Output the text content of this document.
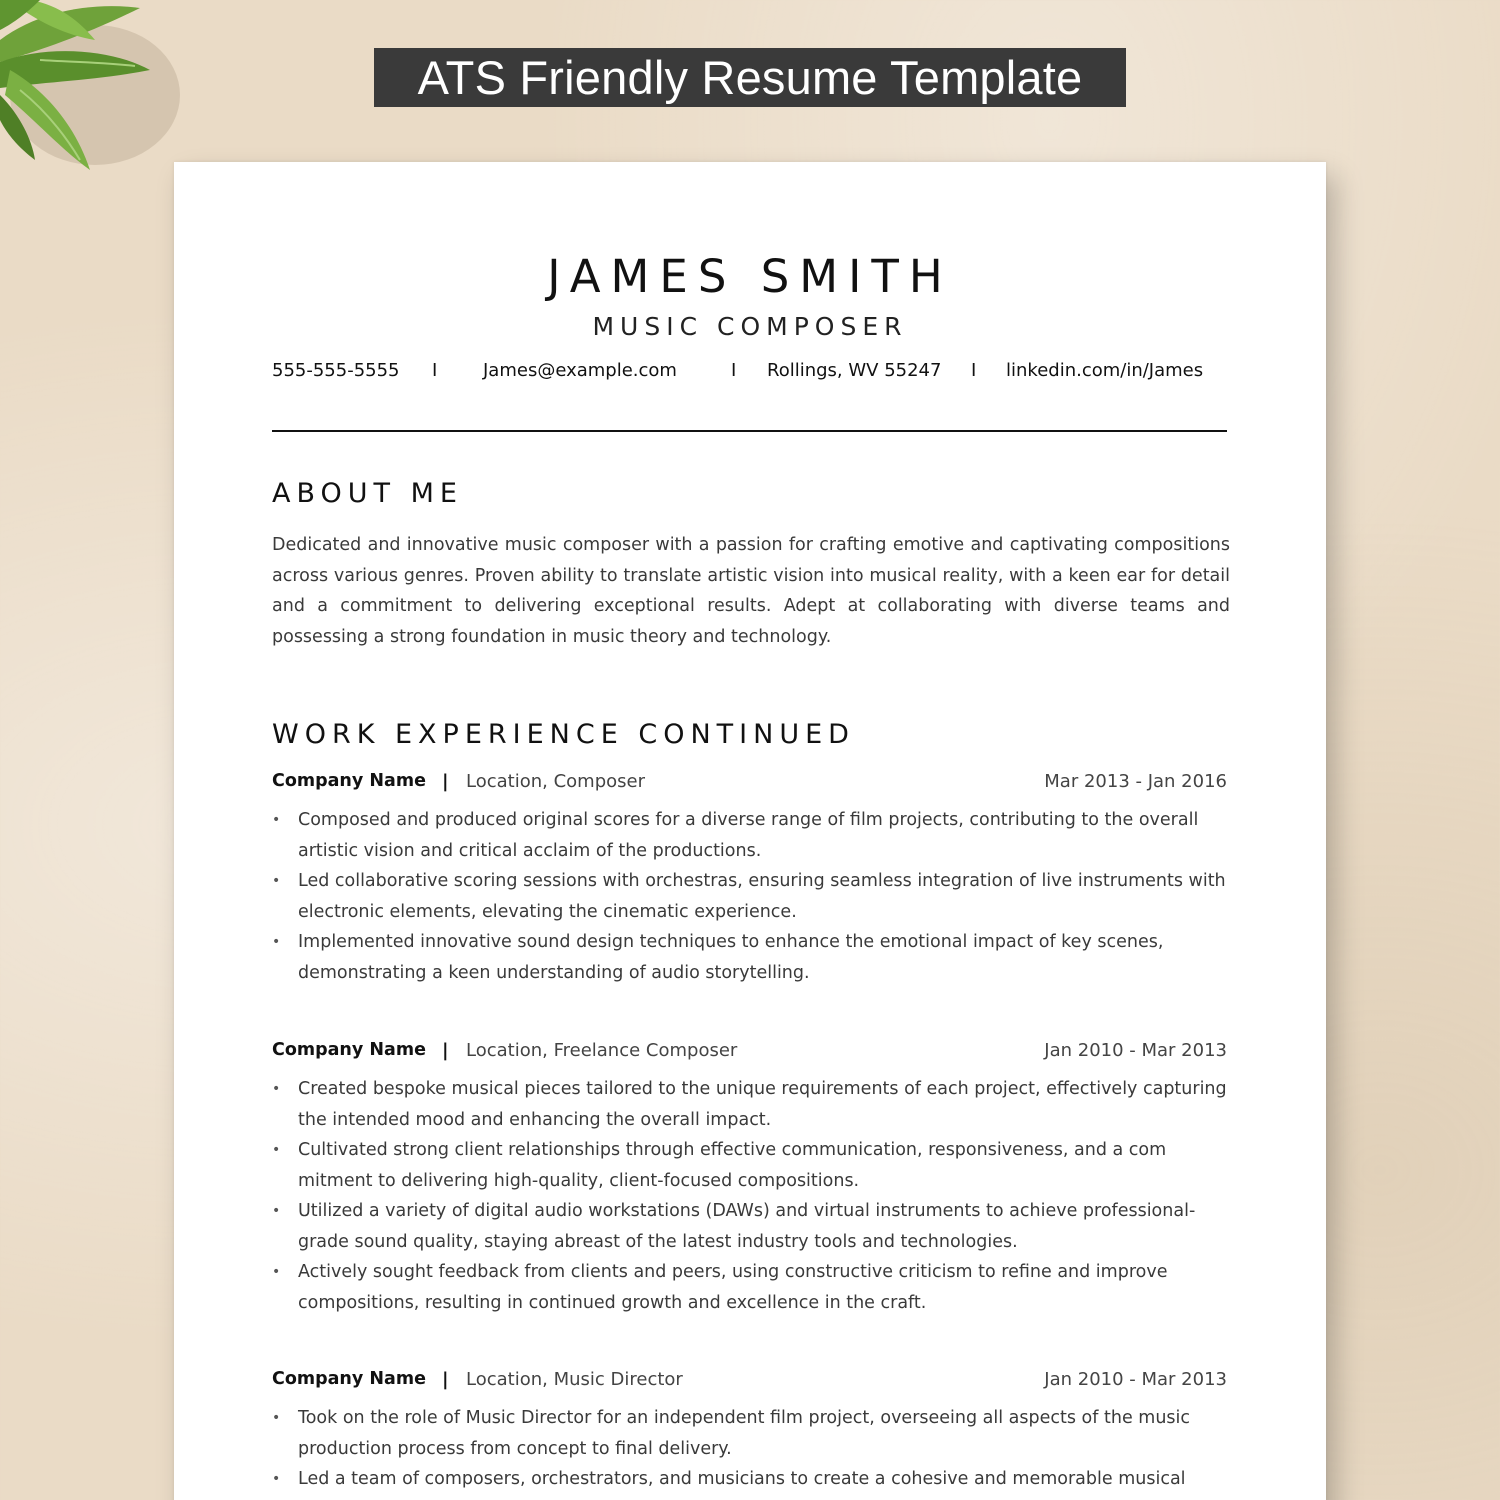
ATS Friendly Resume Template
JAMES SMITH
MUSIC COMPOSER
555-555-5555 I	James@example.com	I Rollings, WV 55247 I linkedin.com/in/James
ABOUT ME

Dedicated and innovative music composer with a passion for crafting emotive and captivating compositions across various genres. Proven ability to translate artistic vision into musical reality, with a keen ear for detail and a commitment to delivering exceptional results. Adept at collaborating with diverse teams and possessing a strong foundation in music theory and technology.

WORK EXPERIENCE CONTINUED
Company Name | Location, Composer	Mar 2013 - Jan 2016
• Composed and produced original scores for a diverse range of film projects, contributing to the overall artistic vision and critical acclaim of the productions.
• Led collaborative scoring sessions with orchestras, ensuring seamless integration of live instruments with electronic elements, elevating the cinematic experience.
• Implemented innovative sound design techniques to enhance the emotional impact of key scenes, demonstrating a keen understanding of audio storytelling.
Company Name | Location, Freelance Composer	Jan 2010 - Mar 2013
• Created bespoke musical pieces tailored to the unique requirements of each project, effectively capturing the intended mood and enhancing the overall impact.
• Cultivated strong client relationships through effective communication, responsiveness, and a com mitment to delivering high-quality, client-focused compositions.
• Utilized a variety of digital audio workstations (DAWs) and virtual instruments to achieve professional-grade sound quality, staying abreast of the latest industry tools and technologies.
• Actively sought feedback from clients and peers, using constructive criticism to refine and improve compositions, resulting in continued growth and excellence in the craft.
Company Name | Location, Music Director	Jan 2010 - Mar 2013
• Took on the role of Music Director for an independent film project, overseeing all aspects of the music production process from concept to final delivery.
• Led a team of composers, orchestrators, and musicians to create a cohesive and memorable musical
